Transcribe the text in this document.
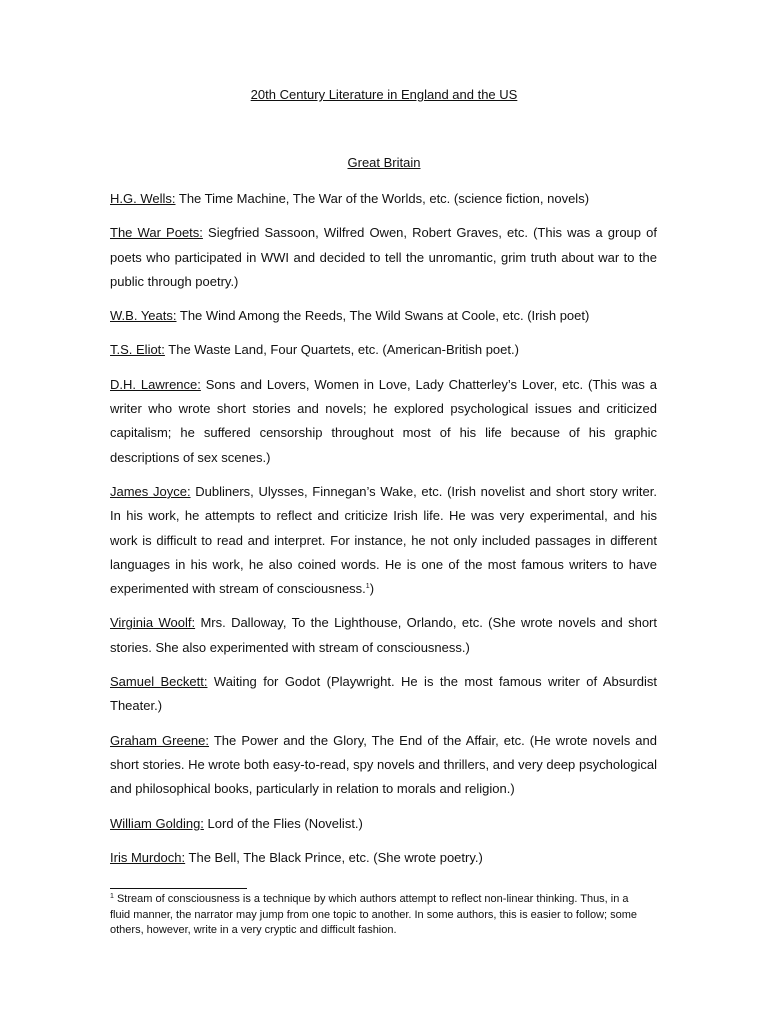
20th Century Literature in England and the US
Great Britain

H.G. Wells: The Time Machine, The War of the Worlds, etc. (science fiction, novels)

The War Poets: Siegfried Sassoon, Wilfred Owen, Robert Graves, etc. (This was a group of poets who participated in WWI and decided to tell the unromantic, grim truth about war to the public through poetry.)

W.B. Yeats: The Wind Among the Reeds, The Wild Swans at Coole, etc. (Irish poet)

T.S. Eliot: The Waste Land, Four Quartets, etc. (American-British poet.)

D.H. Lawrence: Sons and Lovers, Women in Love, Lady Chatterley’s Lover, etc. (This was a writer who wrote short stories and novels; he explored psychological issues and criticized capitalism; he suffered censorship throughout most of his life because of his graphic descriptions of sex scenes.)

James Joyce: Dubliners, Ulysses, Finnegan’s Wake, etc. (Irish novelist and short story writer. In his work, he attempts to reflect and criticize Irish life. He was very experimental, and his work is difficult to read and interpret. For instance, he not only included passages in different languages in his work, he also coined words. He is one of the most famous writers to have experimented with stream of consciousness.$^1$)

Virginia Woolf: Mrs. Dalloway, To the Lighthouse, Orlando, etc. (She wrote novels and short stories. She also experimented with stream of consciousness.)

Samuel Beckett: Waiting for Godot (Playwright. He is the most famous writer of Absurdist Theater.)

Graham Greene: The Power and the Glory, The End of the Affair, etc. (He wrote novels and short stories. He wrote both easy-to-read, spy novels and thrillers, and very deep psychological and philosophical books, particularly in relation to morals and religion.)

William Golding: Lord of the Flies (Novelist.)

Iris Murdoch: The Bell, The Black Prince, etc. (She wrote poetry.)

$^1$ Stream of consciousness is a technique by which authors attempt to reflect non-linear thinking. Thus, in a fluid manner, the narrator may jump from one topic to another. In some authors, this is easier to follow; some others, however, write in a very cryptic and difficult fashion.
